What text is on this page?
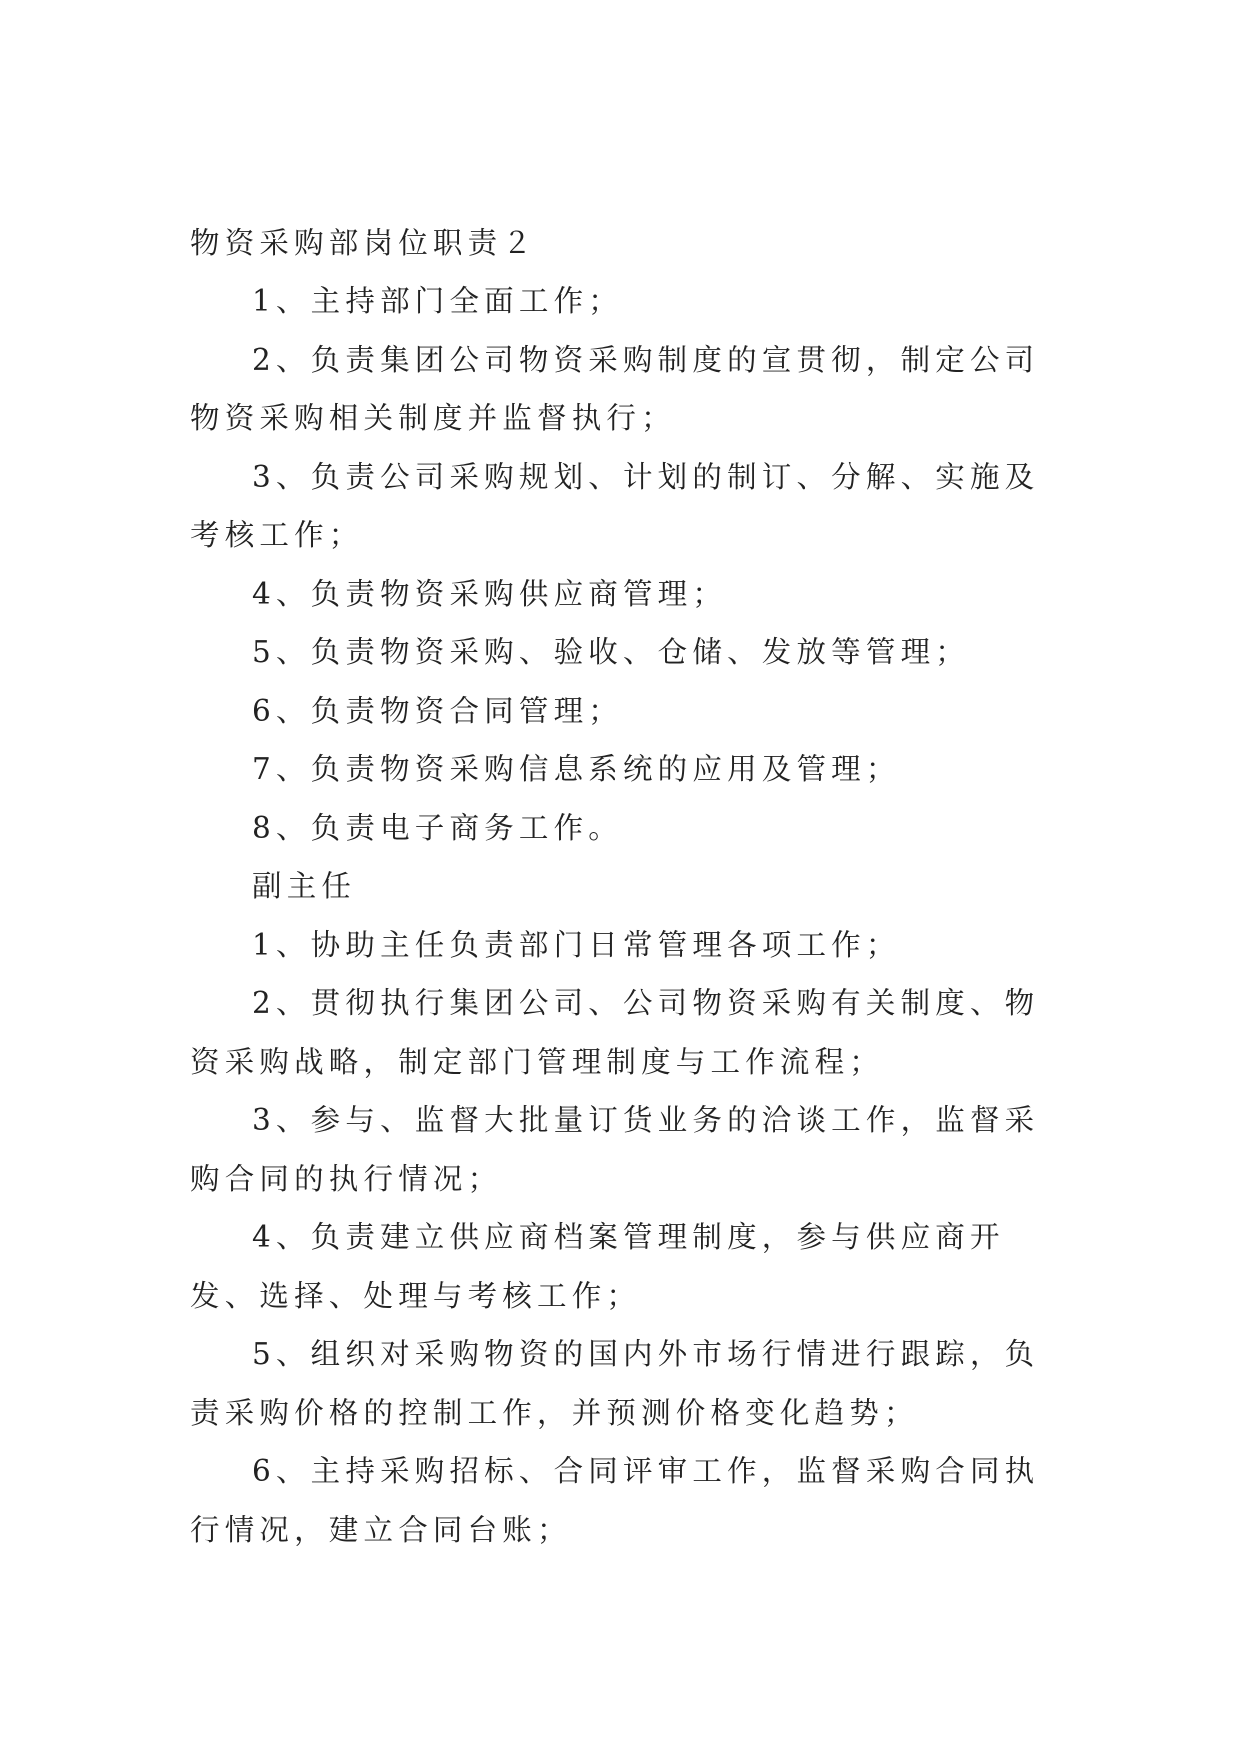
物资采购部岗位职责２

1、主持部门全面工作；

2、负责集团公司物资采购制度的宣贯彻，制定公司物资采购相关制度并监督执行；

3、负责公司采购规划、计划的制订、分解、实施及考核工作；

4、负责物资采购供应商管理；

5、负责物资采购、验收、仓储、发放等管理；

6、负责物资合同管理；

7、负责物资采购信息系统的应用及管理；

8、负责电子商务工作。

副主任

1、协助主任负责部门日常管理各项工作；

2、贯彻执行集团公司、公司物资采购有关制度、物资采购战略，制定部门管理制度与工作流程；

3、参与、监督大批量订货业务的洽谈工作，监督采购合同的执行情况；

4、负责建立供应商档案管理制度，参与供应商开发、选择、处理与考核工作；

5、组织对采购物资的国内外市场行情进行跟踪，负责采购价格的控制工作，并预测价格变化趋势；

6、主持采购招标、合同评审工作，监督采购合同执行情况，建立合同台账；
